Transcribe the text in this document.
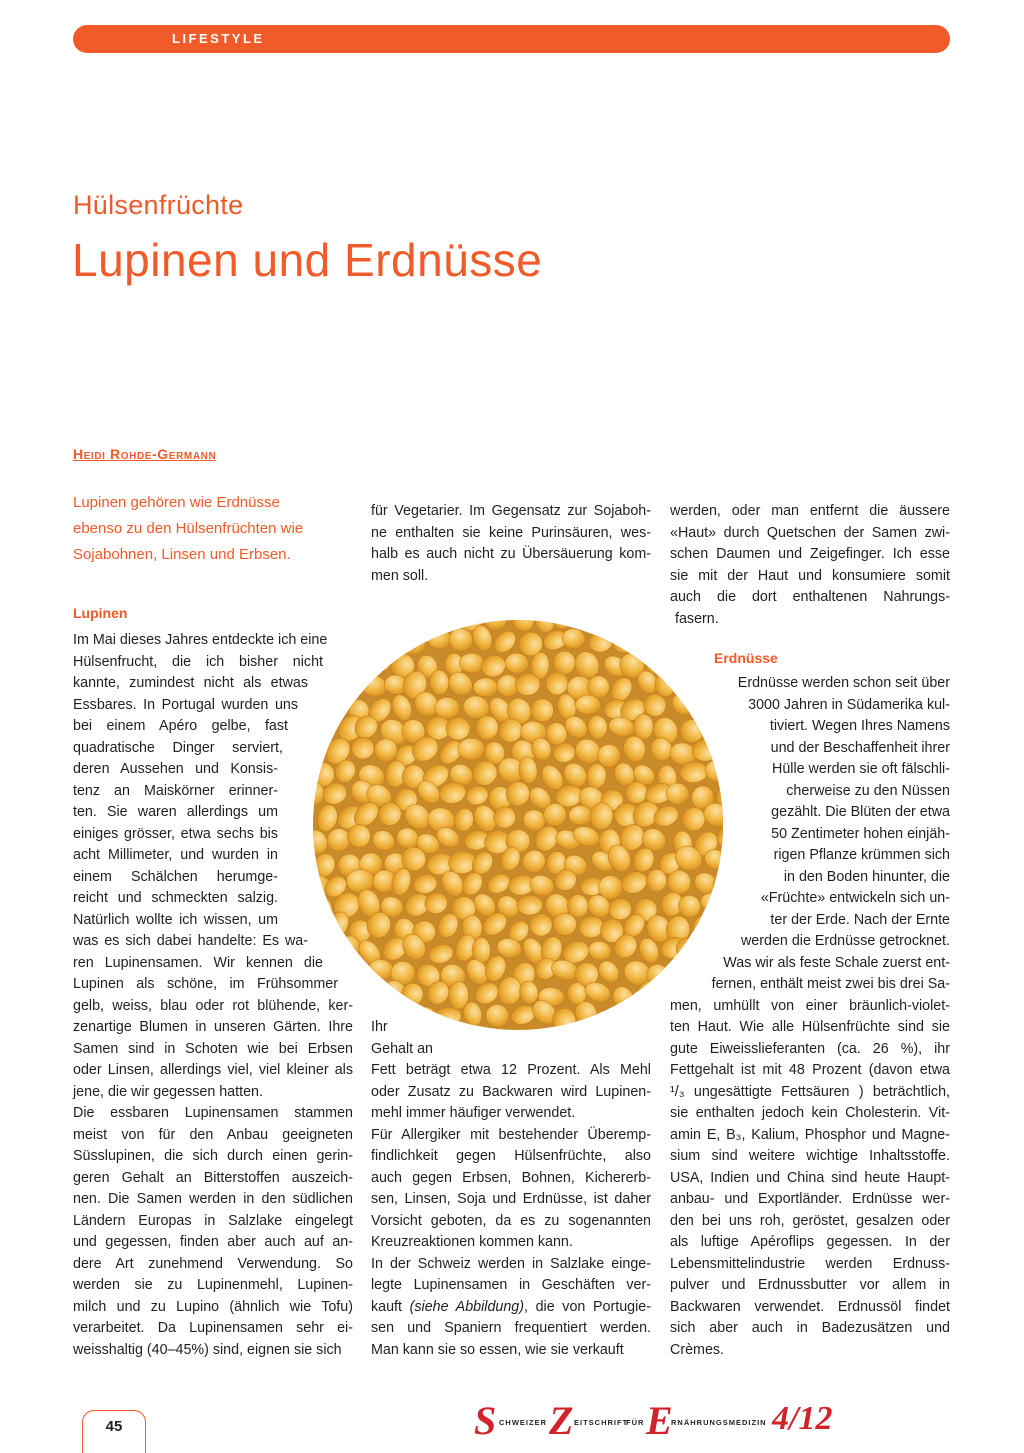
LIFESTYLE
Hülsenfrüchte
Lupinen und Erdnüsse
Heidi Rohde-Germann
Lupinen gehören wie Erdnüsse
ebenso zu den Hülsenfrüchten wie
Sojabohnen, Linsen und Erbsen.
Lupinen
Im Mai dieses Jahres entdeckte ich eine
Hülsenfrucht, die ich bisher nicht
kannte, zumindest nicht als etwas
Essbares. In Portugal wurden uns
bei einem Apéro gelbe, fast
quadratische Dinger serviert,
deren Aussehen und Konsis-
tenz an Maiskörner erinner-
ten. Sie waren allerdings um
einiges grösser, etwa sechs bis
acht Millimeter, und wurden in
einem Schälchen herumge-
reicht und schmeckten salzig.
Natürlich wollte ich wissen, um
was es sich dabei handelte: Es wa-
ren Lupinensamen. Wir kennen die
Lupinen als schöne, im Frühsommer
gelb, weiss, blau oder rot blühende, ker-
zenartige Blumen in unseren Gärten. Ihre
Samen sind in Schoten wie bei Erbsen
oder Linsen, allerdings viel, viel kleiner als
jene, die wir gegessen hatten.
Die essbaren Lupinensamen stammen
meist von für den Anbau geeigneten
Süsslupinen, die sich durch einen gerin-
geren Gehalt an Bitterstoffen auszeich-
nen. Die Samen werden in den südlichen
Ländern Europas in Salzlake eingelegt
und gegessen, finden aber auch auf an-
dere Art zunehmend Verwendung. So
werden sie zu Lupinenmehl, Lupinen-
milch und zu Lupino (ähnlich wie Tofu)
verarbeitet. Da Lupinensamen sehr ei-
weisshaltig (40–45%) sind, eignen sie sich
für Vegetarier. Im Gegensatz zur Sojaboh-
ne enthalten sie keine Purinsäuren, wes-
halb es auch nicht zu Übersäuerung kom-
men soll.
Ihr
Gehalt an
Fett beträgt etwa 12 Prozent. Als Mehl
oder Zusatz zu Backwaren wird Lupinen-
mehl immer häufiger verwendet.
Für Allergiker mit bestehender Überemp-
findlichkeit gegen Hülsenfrüchte, also
auch gegen Erbsen, Bohnen, Kichererb-
sen, Linsen, Soja und Erdnüsse, ist daher
Vorsicht geboten, da es zu sogenannten
Kreuzreaktionen kommen kann.
In der Schweiz werden in Salzlake einge-
legte Lupinensamen in Geschäften ver-
kauft (siehe Abbildung), die von Portugie-
sen und Spaniern frequentiert werden.
Man kann sie so essen, wie sie verkauft
werden, oder man entfernt die äussere
«Haut» durch Quetschen der Samen zwi-
schen Daumen und Zeigefinger. Ich esse
sie mit der Haut und konsumiere somit
auch die dort enthaltenen Nahrungs-
fasern.
Erdnüsse
Erdnüsse werden schon seit über
3000 Jahren in Südamerika kul-
tiviert. Wegen Ihres Namens
und der Beschaffenheit ihrer
Hülle werden sie oft fälschli-
cherweise zu den Nüssen
gezählt. Die Blüten der etwa
50 Zentimeter hohen einjäh-
rigen Pflanze krümmen sich
in den Boden hinunter, die
«Früchte» entwickeln sich un-
ter der Erde. Nach der Ernte
werden die Erdnüsse getrocknet.
Was wir als feste Schale zuerst ent-
fernen, enthält meist zwei bis drei Sa-
men, umhüllt von einer bräunlich-violet-
ten Haut. Wie alle Hülsenfrüchte sind sie
gute Eiweisslieferanten (ca. 26 %), ihr
Fettgehalt ist mit 48 Prozent (davon etwa
¹/₃ ungesättigte Fettsäuren ) beträchtlich,
sie enthalten jedoch kein Cholesterin. Vit-
amin E, B₃, Kalium, Phosphor und Magne-
sium sind weitere wichtige Inhaltsstoffe.
USA, Indien und China sind heute Haupt-
anbau- und Exportländer. Erdnüsse wer-
den bei uns roh, geröstet, gesalzen oder
als luftige Apéroflips gegessen. In der
Lebensmittelindustrie werden Erdnuss-
pulver und Erdnussbutter vor allem in
Backwaren verwendet. Erdnussöl findet
sich aber auch in Badezusätzen und
Crèmes.
45	S CHWEIZER Z EITSCHRIFT
FÜR E
RNÄHRUNGSMEDIZIN 4/12
